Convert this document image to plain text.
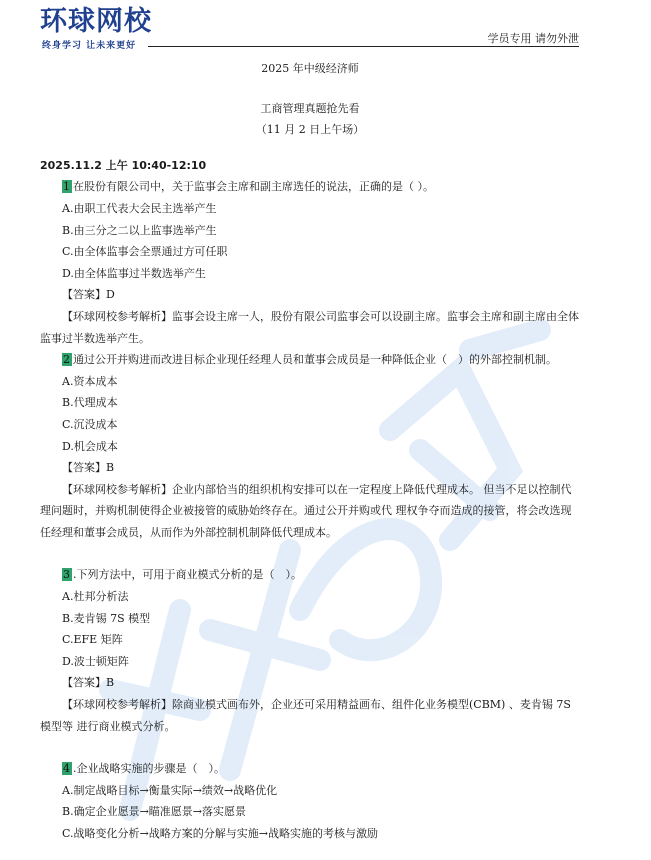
环球网校
终身学习 让未来更好
学员专用 请勿外泄
2025 年中级经济师
工商管理真题抢先看
（11 月 2 日上午场）
2025.11.2 上午 10:40-12:10
1 在股份有限公司中，关于监事会主席和副主席选任的说法，正确的是（ ）。
A.由职工代表大会民主选举产生
B.由三分之二以上监事选举产生
C.由全体监事会全票通过方可任职
D.由全体监事过半数选举产生
【答案】D
【环球网校参考解析】监事会设主席一人，股份有限公司监事会可以设副主席。监事会主席和副主席由全体监事过半数选举产生。
2 通过公开并购进而改进目标企业现任经理人员和董事会成员是一种降低企业（　）的外部控制机制。
A.资本成本
B.代理成本
C.沉没成本
D.机会成本
【答案】B
【环球网校参考解析】企业内部恰当的组织机构安排可以在一定程度上降低代理成本。 但当不足以控制代理问题时，并购机制使得企业被接管的威胁始终存在。通过公开并购或代 理权争夺而造成的接管，将会改选现任经理和董事会成员，从而作为外部控制机制降低代理成本。
3 .下列方法中，可用于商业模式分析的是（　）。
A.杜邦分析法
B.麦肯锡 7S 模型
C.EFE 矩阵
D.波士顿矩阵
【答案】B
【环球网校参考解析】除商业模式画布外，企业还可采用精益画布、组件化业务模型(CBM) 、麦肯锡 7S 模型等 进行商业模式分析。
4 .企业战略实施的步骤是（　）。
A.制定战略目标→衡量实际→绩效→战略优化
B.确定企业愿景→瞄准愿景→落实愿景
C.战略变化分析→战略方案的分解与实施→战略实施的考核与激励
